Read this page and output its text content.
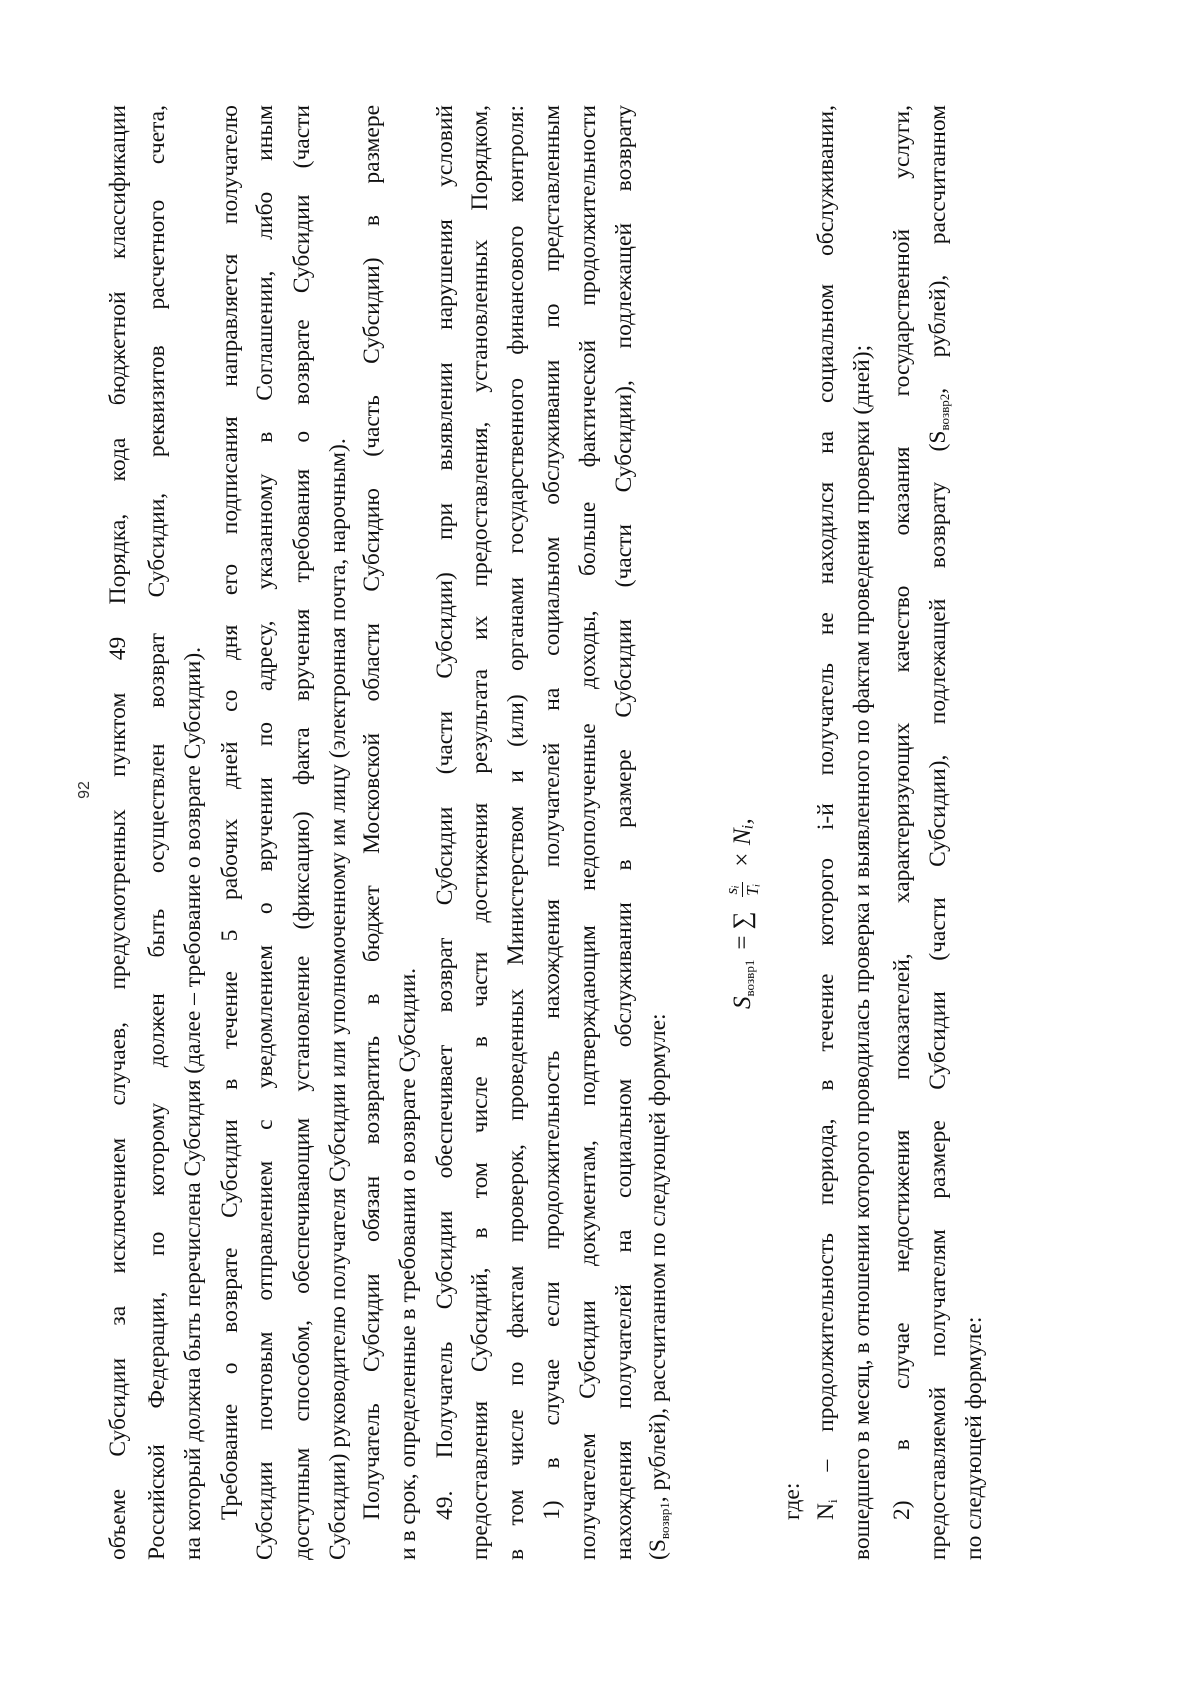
92 объеме Субсидии за исключением случаев, предусмотренных пунктом 49 Порядка, кода бюджетной классификации Российской Федерации, по которому должен быть осуществлен возврат Субсидии, реквизитов расчетного счета, на который должна быть перечислена Субсидия (далее – требование о возврате Субсидии). Требование о возврате Субсидии в течение 5 рабочих дней со дня его подписания направляется получателю Субсидии почтовым отправлением с уведомлением о вручении по адресу, указанному в Соглашении, либо иным доступным способом, обеспечивающим установление (фиксацию) факта вручения требования о возврате Субсидии (части Субсидии) руководителю получателя Субсидии или уполномоченному им лицу (электронная почта, нарочным). Получатель Субсидии обязан возвратить в бюджет Московской области Субсидию (часть Субсидии) в размере и в срок, определенные в требовании о возврате Субсидии. 49. Получатель Субсидии обеспечивает возврат Субсидии (части Субсидии) при выявлении нарушения условий предоставления Субсидий, в том числе в части достижения результата их предоставления, установленных Порядком, в том числе по фактам проверок, проведенных Министерством и (или) органами государственного финансового контроля: 1) в случае если продолжительность нахождения получателей на социальном обслуживании по представленным получателем Субсидии документам, подтверждающим недополученные доходы, больше фактической продолжительности нахождения получателей на социальном обслуживании в размере Субсидии (части Субсидии), подлежащей возврату ($S_{возвр1}$, рублей), рассчитанном по следующей формуле:	где: $N_i$ – продолжительность периода, в течение которого i-й получатель не находился на социальном обслуживании, вошедшего в месяц, в отношении которого проводилась проверка и выявленного по фактам проведения проверки (дней); 2) в случае недостижения показателей, характеризующих качество оказания государственной услуги, предоставляемой получателям размере Субсидии (части Субсидии), подлежащей возврату ($S_{возвр2}$, рублей), рассчитанном
по следующей формуле:
$S_{возвр1}$
= ∑
sᵢ Tᵢ
× Nᵢ,
